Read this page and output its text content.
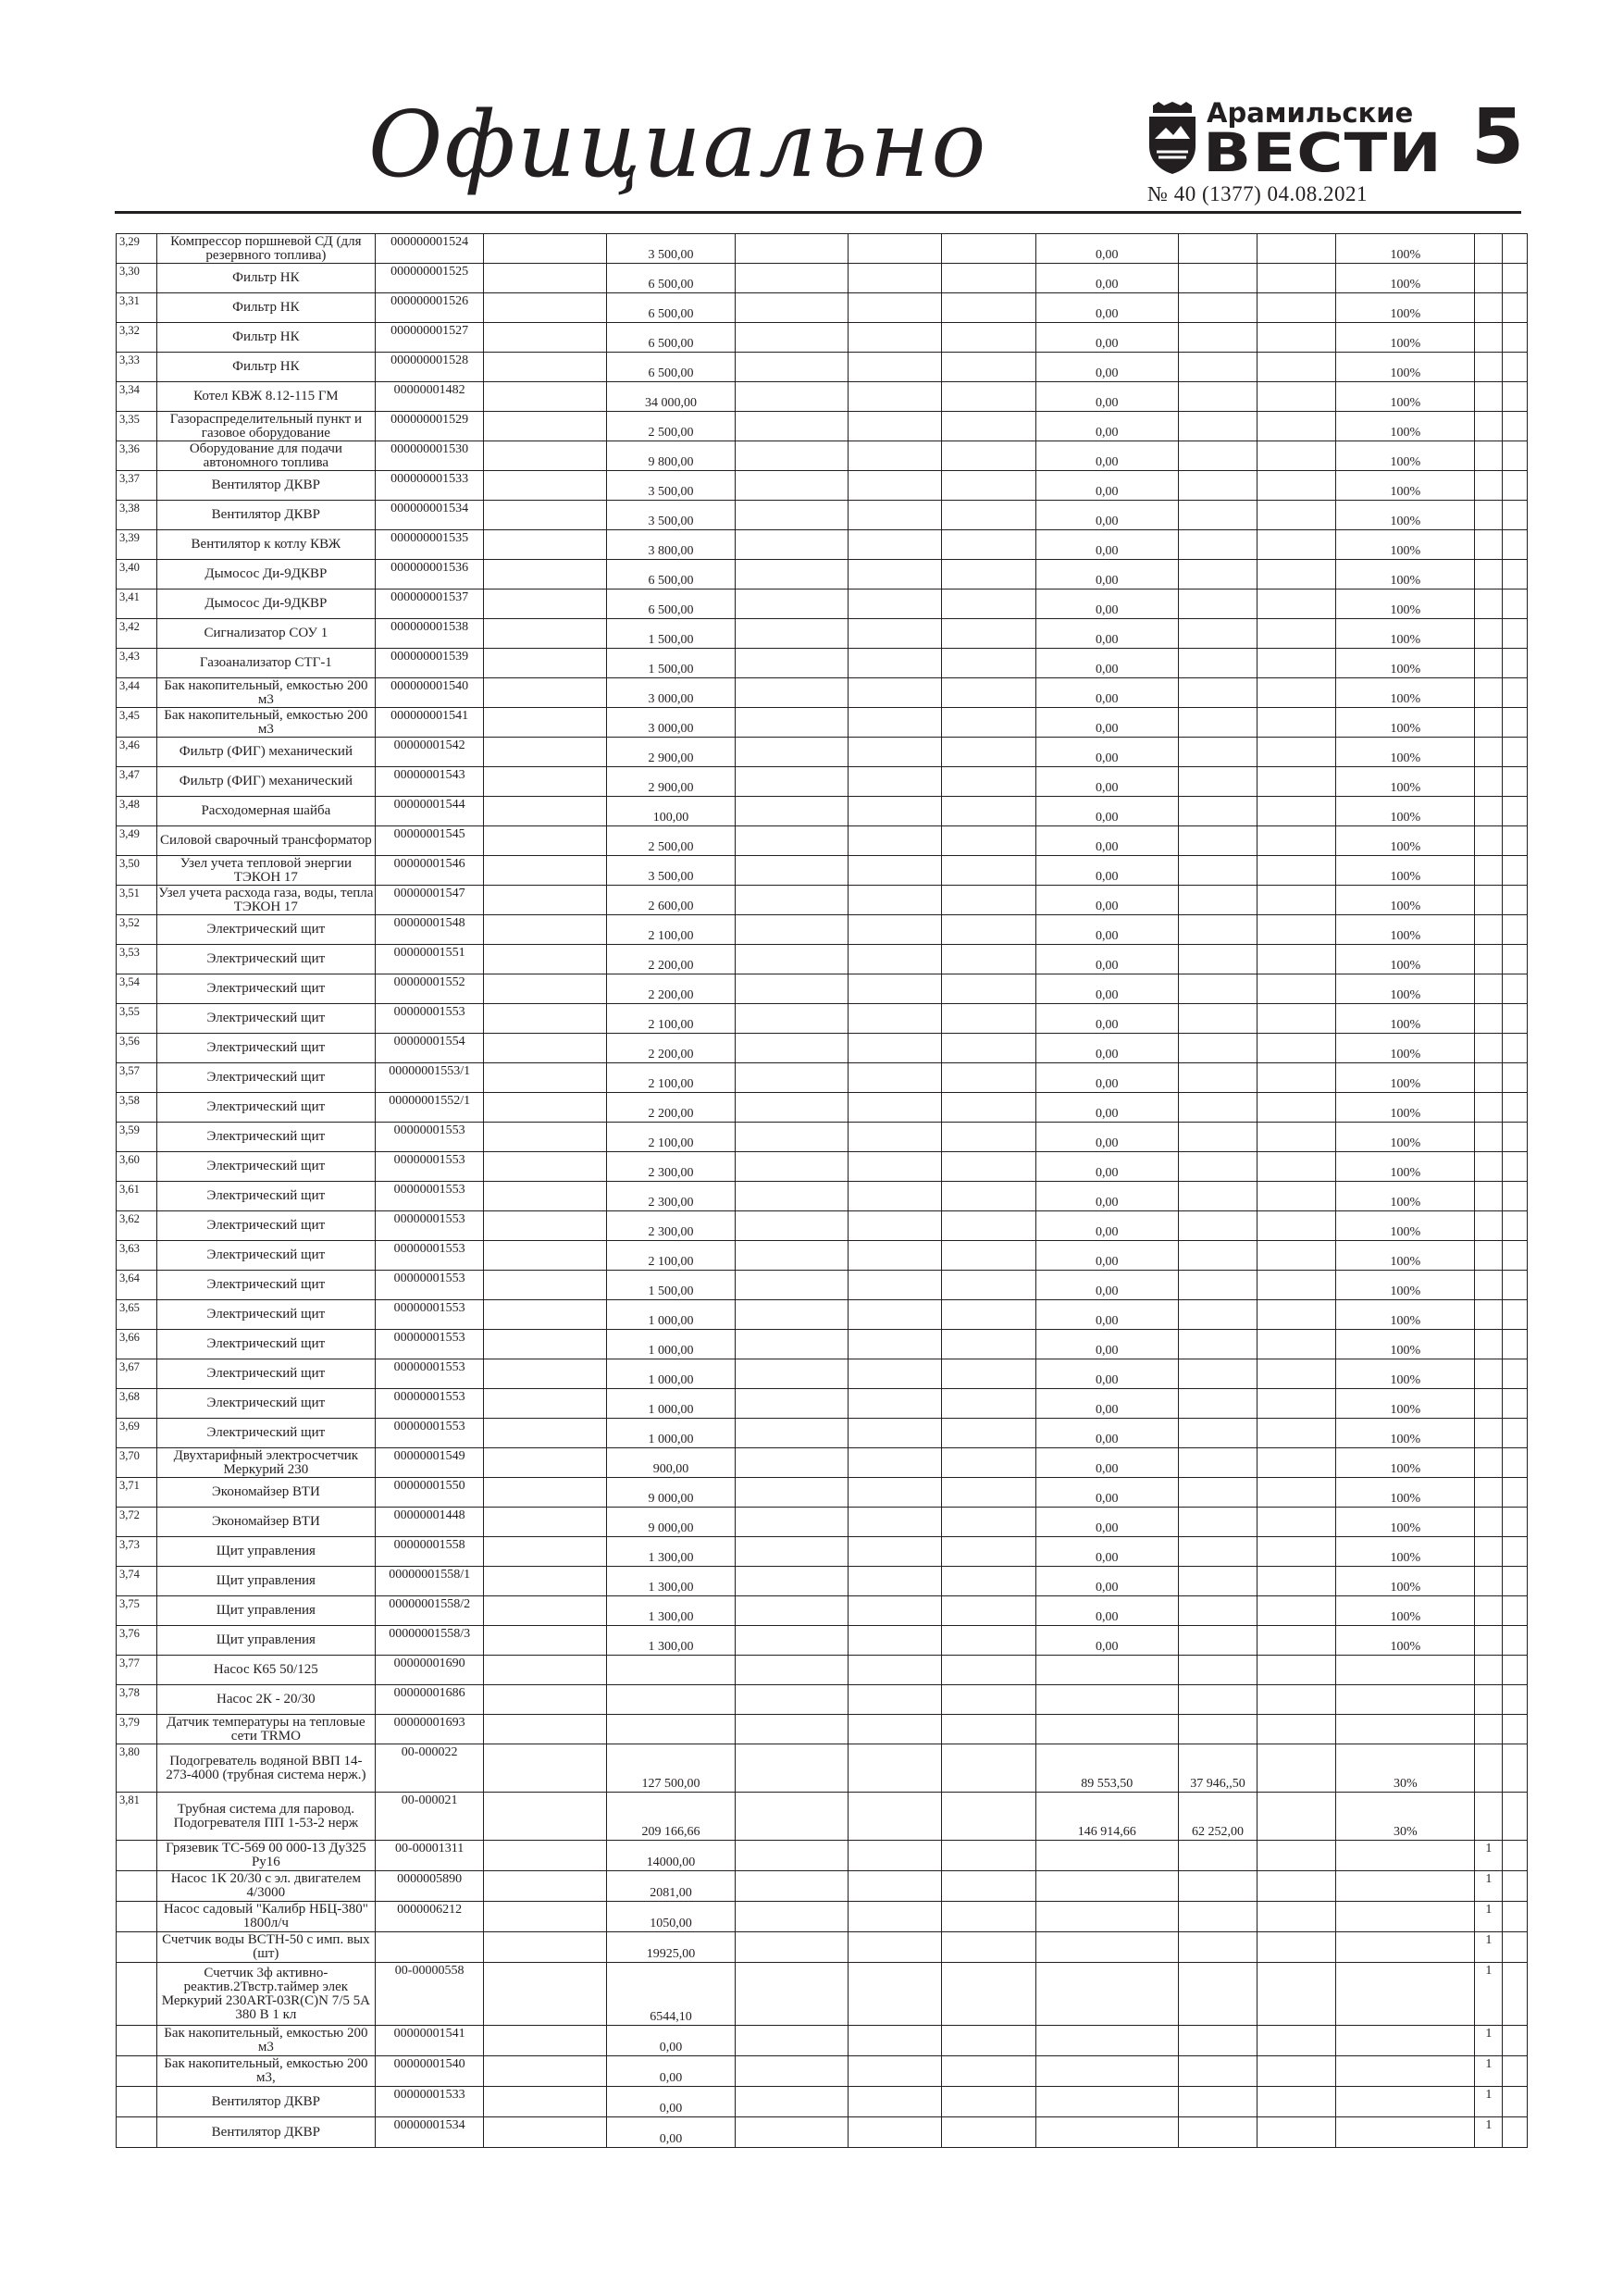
Официально	Арамильские
ВЕСТИ
№ 40 (1377) 04.08.2021
5
3,29	Компрессор поршневой СД (для резервного топлива)	000000001524		3 500,00				0,00			100%		
3,30	Фильтр НК	000000001525		6 500,00				0,00			100%		
3,31	Фильтр НК	000000001526		6 500,00				0,00			100%		
3,32	Фильтр НК	000000001527		6 500,00				0,00			100%		
3,33	Фильтр НК	000000001528		6 500,00				0,00			100%		
3,34	Котел КВЖ 8.12-115 ГМ	00000001482		34 000,00				0,00			100%		
3,35	Газораспределительный пункт и газовое оборудование	000000001529		2 500,00				0,00			100%		
3,36	Оборудование для подачи автономного топлива	000000001530		9 800,00				0,00			100%		
3,37	Вентилятор ДКВР	000000001533		3 500,00				0,00			100%		
3,38	Вентилятор ДКВР	000000001534		3 500,00				0,00			100%		
3,39	Вентилятор к котлу КВЖ	000000001535		3 800,00				0,00			100%		
3,40	Дымосос Ди-9ДКВР	000000001536		6 500,00				0,00			100%		
3,41	Дымосос Ди-9ДКВР	000000001537		6 500,00				0,00			100%		
3,42	Сигнализатор СОУ 1	000000001538		1 500,00				0,00			100%		
3,43	Газоанализатор СТГ-1	000000001539		1 500,00				0,00			100%		
3,44	Бак накопительный, емкостью 200 м3	000000001540		3 000,00				0,00			100%		
3,45	Бак накопительный, емкостью 200 м3	000000001541		3 000,00				0,00			100%		
3,46	Фильтр (ФИГ) механический	00000001542		2 900,00				0,00			100%		
3,47	Фильтр (ФИГ) механический	00000001543		2 900,00				0,00			100%		
3,48	Расходомерная шайба	00000001544		100,00				0,00			100%		
3,49	Силовой сварочный трансформатор	00000001545		2 500,00				0,00			100%		
3,50	Узел учета тепловой энергии ТЭКОН 17	00000001546		3 500,00				0,00			100%		
3,51	Узел учета расхода газа, воды, тепла ТЭКОН 17	00000001547		2 600,00				0,00			100%		
3,52	Электрический щит	00000001548		2 100,00				0,00			100%		
3,53	Электрический щит	00000001551		2 200,00				0,00			100%		
3,54	Электрический щит	00000001552		2 200,00				0,00			100%		
3,55	Электрический щит	00000001553		2 100,00				0,00			100%		
3,56	Электрический щит	00000001554		2 200,00				0,00			100%		
3,57	Электрический щит	00000001553/1		2 100,00				0,00			100%		
3,58	Электрический щит	00000001552/1		2 200,00				0,00			100%		
3,59	Электрический щит	00000001553		2 100,00				0,00			100%		
3,60	Электрический щит	00000001553		2 300,00				0,00			100%		
3,61	Электрический щит	00000001553		2 300,00				0,00			100%		
3,62	Электрический щит	00000001553		2 300,00				0,00			100%		
3,63	Электрический щит	00000001553		2 100,00				0,00			100%		
3,64	Электрический щит	00000001553		1 500,00				0,00			100%		
3,65	Электрический щит	00000001553		1 000,00				0,00			100%		
3,66	Электрический щит	00000001553		1 000,00				0,00			100%		
3,67	Электрический щит	00000001553		1 000,00				0,00			100%		
3,68	Электрический щит	00000001553		1 000,00				0,00			100%		
3,69	Электрический щит	00000001553		1 000,00				0,00			100%		
3,70	Двухтарифный электросчетчик Меркурий 230	00000001549		900,00				0,00			100%		
3,71	Экономайзер ВТИ	00000001550		9 000,00				0,00			100%		
3,72	Экономайзер ВТИ	00000001448		9 000,00				0,00			100%		
3,73	Щит управления	00000001558		1 300,00				0,00			100%		
3,74	Щит управления	00000001558/1		1 300,00				0,00			100%		
3,75	Щит управления	00000001558/2		1 300,00				0,00			100%		
3,76	Щит управления	00000001558/3		1 300,00				0,00			100%		
3,77	Насос К65 50/125	00000001690											
3,78	Насос 2К - 20/30	00000001686											
3,79	Датчик температуры на тепловые сети TRMO	00000001693											
3,80	Подогреватель водяной ВВП 14-273-4000 (трубная система нерж.)	00-000022		127 500,00				89 553,50	37 946,,50		30%		
3,81	Трубная система для паровод. Подогревателя ПП 1-53-2 нерж	00-000021		209 166,66				146 914,66	62 252,00		30%		
	Грязевик ТС-569 00 000-13 Ду325 Ру16	00-00001311		14000,00								1	
	Насос 1К 20/30 с эл. двигателем 4/3000	0000005890		2081,00								1	
	Насос садовый "Калибр НБЦ-380" 1800л/ч	0000006212		1050,00								1	
	Счетчик воды ВСТН-50 с имп. вых (шт)			19925,00								1	
	Счетчик 3ф активно-реактив.2Твстр.таймер элек Меркурий 230ART-03R(C)N 7/5 5А 380 В 1 кл	00-00000558		6544,10								1	
	Бак накопительный, емкостью 200 м3	00000001541		0,00								1	
	Бак накопительный, емкостью 200 м3,	00000001540		0,00								1	
	Вентилятор ДКВР	00000001533		0,00								1	
	Вентилятор ДКВР	00000001534		0,00								1	
